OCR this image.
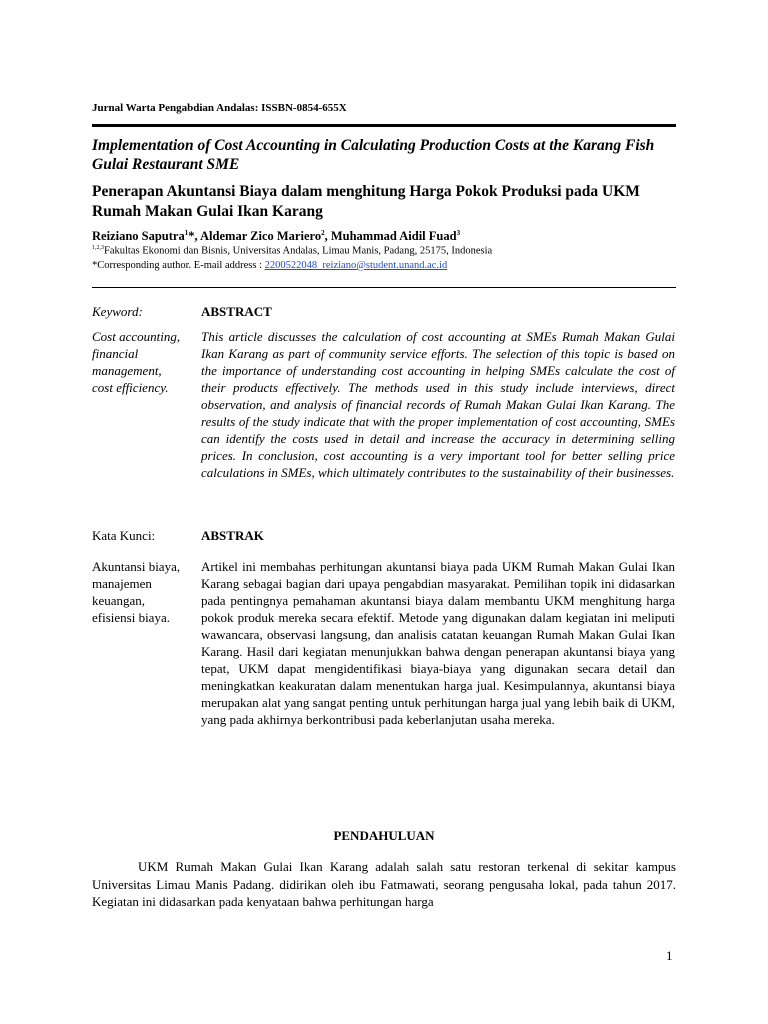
Jurnal Warta Pengabdian Andalas: ISSBN-0854-655X
Implementation of Cost Accounting in Calculating Production Costs at the Karang Fish Gulai Restaurant SME
Penerapan Akuntansi Biaya dalam menghitung Harga Pokok Produksi pada UKM Rumah Makan Gulai Ikan Karang
Reiziano Saputra$^1$*, Aldemar Zico Mariero$^2$, Muhammad Aidil Fuad$^3$
$^{1,2,3}$Fakultas Ekonomi dan Bisnis, Universitas Andalas, Limau Manis, Padang, 25175, Indonesia
*Corresponding author. E-mail address : 2200522048_reiziano@student.unand.ac.id
Keyword:	ABSTRACT
Cost accounting, financial management, cost efficiency.
This article discusses the calculation of cost accounting at SMEs Rumah Makan Gulai Ikan Karang as part of community service efforts. The selection of this topic is based on the importance of understanding cost accounting in helping SMEs calculate the cost of their products effectively. The methods used in this study include interviews, direct observation, and analysis of financial records of Rumah Makan Gulai Ikan Karang. The results of the study indicate that with the proper implementation of cost accounting, SMEs can identify the costs used in detail and increase the accuracy in determining selling prices. In conclusion, cost accounting is a very important tool for better selling price calculations in SMEs, which ultimately contributes to the sustainability of their businesses.
Kata Kunci:	ABSTRAK
Akuntansi biaya, manajemen keuangan, efisiensi biaya.
Artikel ini membahas perhitungan akuntansi biaya pada UKM Rumah Makan Gulai Ikan Karang sebagai bagian dari upaya pengabdian masyarakat. Pemilihan topik ini didasarkan pada pentingnya pemahaman akuntansi biaya dalam membantu UKM menghitung harga pokok produk mereka secara efektif. Metode yang digunakan dalam kegiatan ini meliputi wawancara, observasi langsung, dan analisis catatan keuangan Rumah Makan Gulai Ikan Karang. Hasil dari kegiatan menunjukkan bahwa dengan penerapan akuntansi biaya yang tepat, UKM dapat mengidentifikasi biaya-biaya yang digunakan secara detail dan meningkatkan keakuratan dalam menentukan harga jual. Kesimpulannya, akuntansi biaya merupakan alat yang sangat penting untuk perhitungan harga jual yang lebih baik di UKM, yang pada akhirnya berkontribusi pada keberlanjutan usaha mereka.
PENDAHULUAN
UKM Rumah Makan Gulai Ikan Karang adalah salah satu restoran terkenal di sekitar kampus Universitas Limau Manis Padang. didirikan oleh ibu Fatmawati, seorang pengusaha lokal, pada tahun 2017. Kegiatan ini didasarkan pada kenyataan bahwa perhitungan harga
1
